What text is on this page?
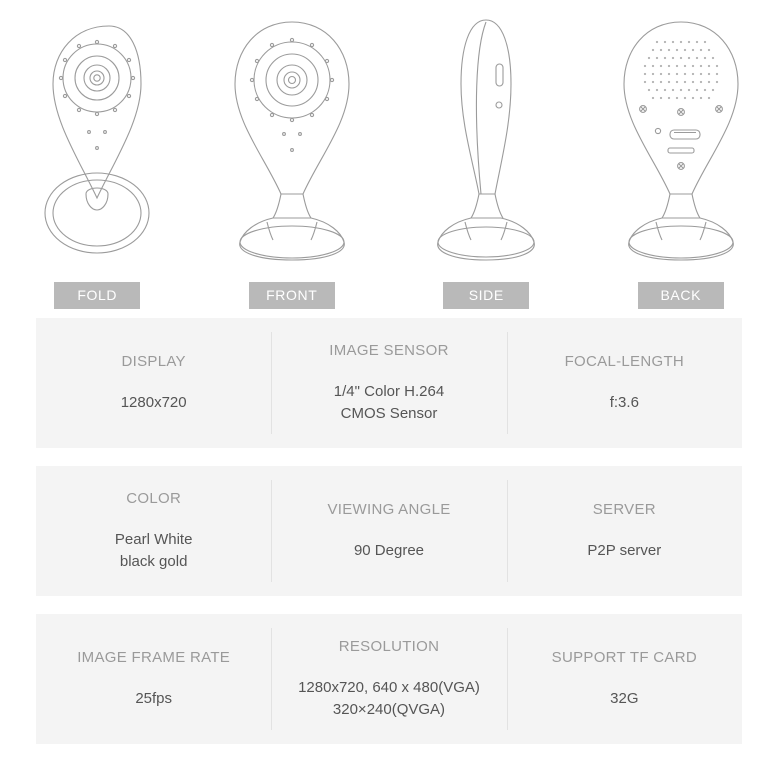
FOLD	FRONT	SIDE	BACK
DISPLAY
1280x720
IMAGE SENSOR
1/4" Color H.264
CMOS Sensor
FOCAL-LENGTH
f:3.6
COLOR
Pearl White
black gold
VIEWING ANGLE
90 Degree
SERVER
P2P server
IMAGE FRAME RATE
25fps
RESOLUTION
1280x720, 640 x 480(VGA)
320×240(QVGA)
SUPPORT TF CARD
32G
